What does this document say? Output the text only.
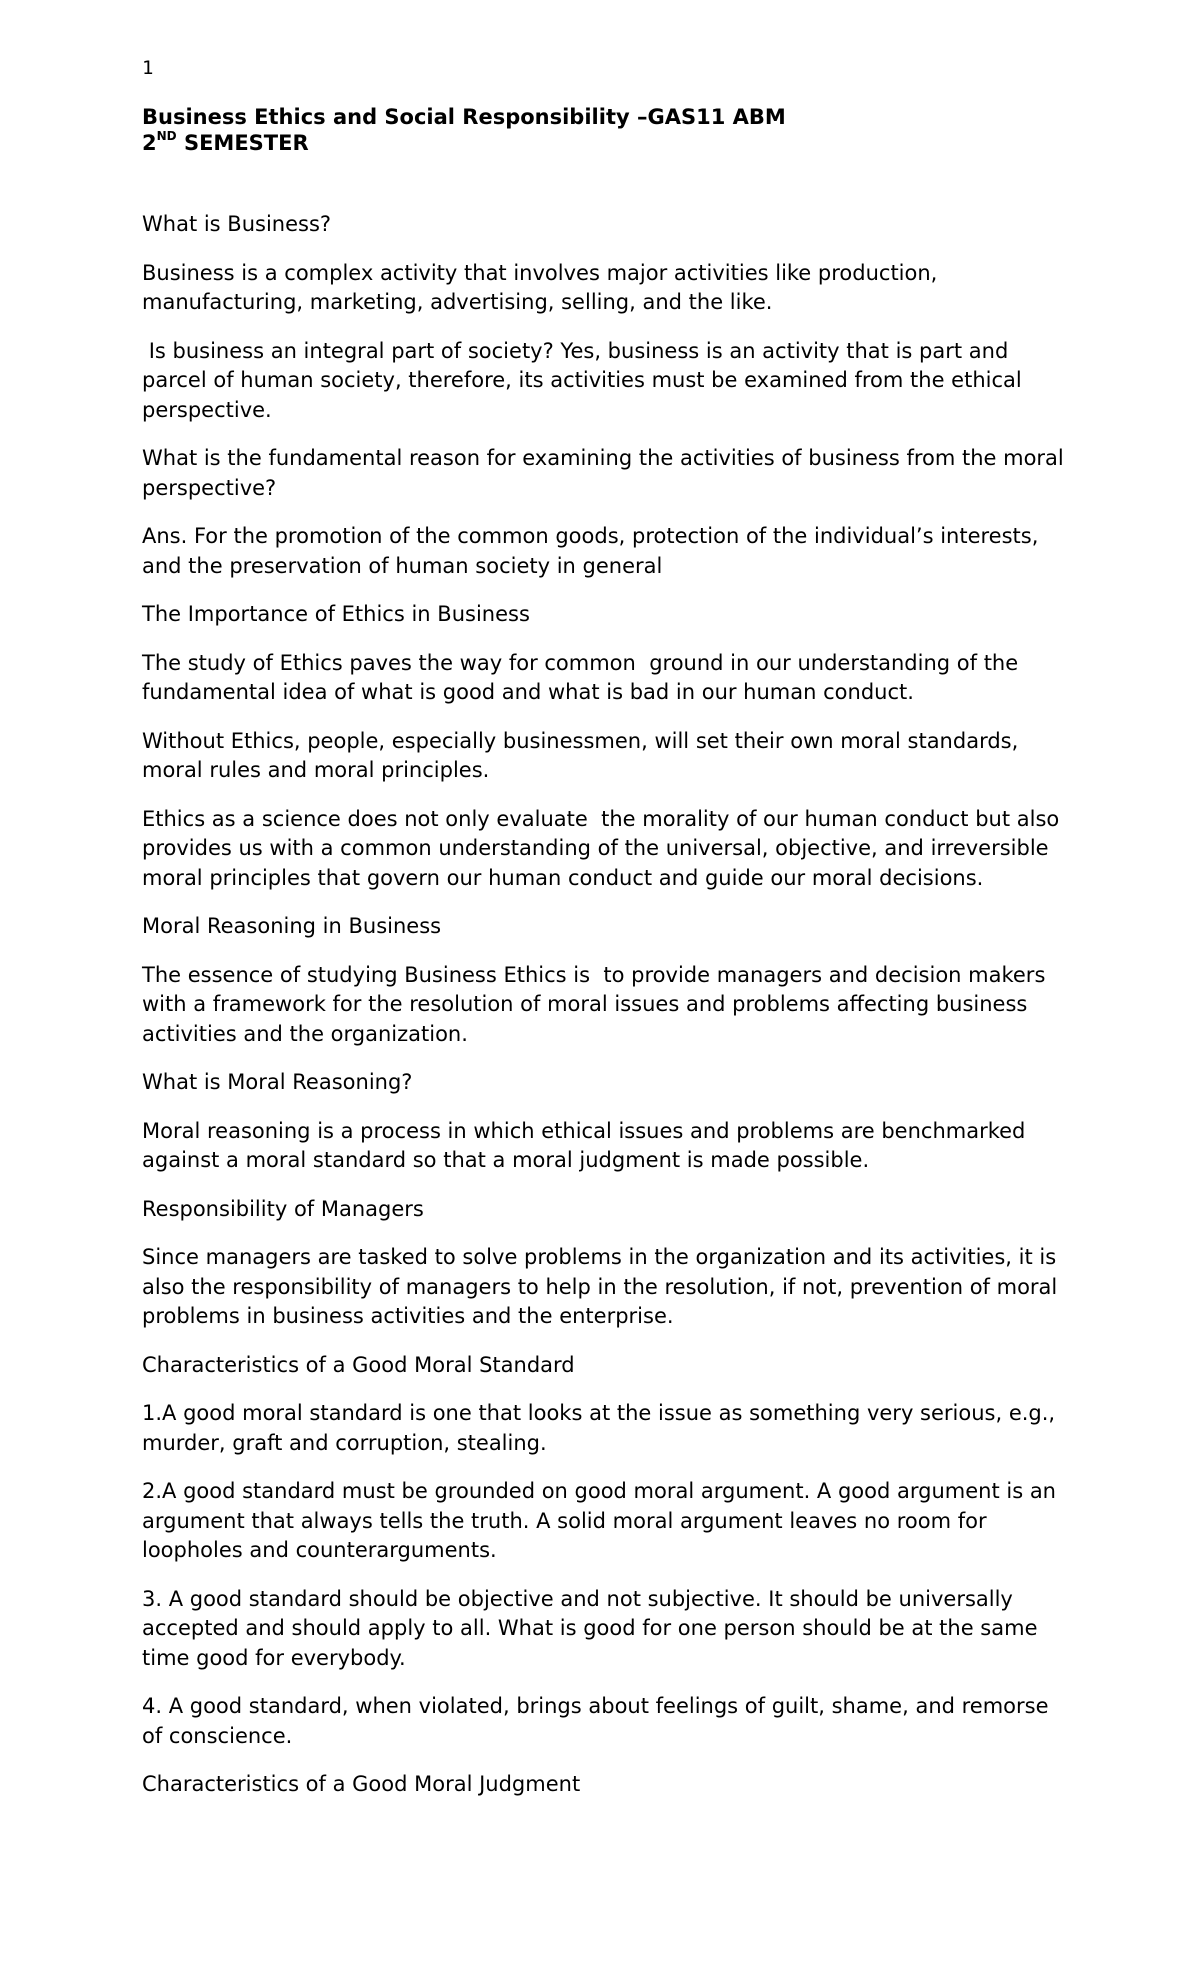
1
Business Ethics and Social Responsibility –GAS11 ABM
2ND SEMESTER

What is Business?

Business is a complex activity that involves major activities like production, manufacturing, marketing, advertising, selling, and the like.

Is business an integral part of society? Yes, business is an activity that is part and parcel of human society, therefore, its activities must be examined from the ethical perspective.

What is the fundamental reason for examining the activities of business from the moral perspective?

Ans. For the promotion of the common goods, protection of the individual’s interests, and the preservation of human society in general

The Importance of Ethics in Business

The study of Ethics paves the way for common  ground in our understanding of the fundamental idea of what is good and what is bad in our human conduct.

Without Ethics, people, especially businessmen, will set their own moral standards, moral rules and moral principles.

Ethics as a science does not only evaluate  the morality of our human conduct but also provides us with a common understanding of the universal, objective, and irreversible moral principles that govern our human conduct and guide our moral decisions.

Moral Reasoning in Business

The essence of studying Business Ethics is  to provide managers and decision makers with a framework for the resolution of moral issues and problems affecting business activities and the organization.

What is Moral Reasoning?

Moral reasoning is a process in which ethical issues and problems are benchmarked against a moral standard so that a moral judgment is made possible.

Responsibility of Managers

Since managers are tasked to solve problems in the organization and its activities, it is also the responsibility of managers to help in the resolution, if not, prevention of moral problems in business activities and the enterprise.

Characteristics of a Good Moral Standard

1.A good moral standard is one that looks at the issue as something very serious, e.g., murder, graft and corruption, stealing.

2.A good standard must be grounded on good moral argument. A good argument is an argument that always tells the truth. A solid moral argument leaves no room for loopholes and counterarguments.

3. A good standard should be objective and not subjective. It should be universally accepted and should apply to all. What is good for one person should be at the same time good for everybody.

4. A good standard, when violated, brings about feelings of guilt, shame, and remorse of conscience.

Characteristics of a Good Moral Judgment
